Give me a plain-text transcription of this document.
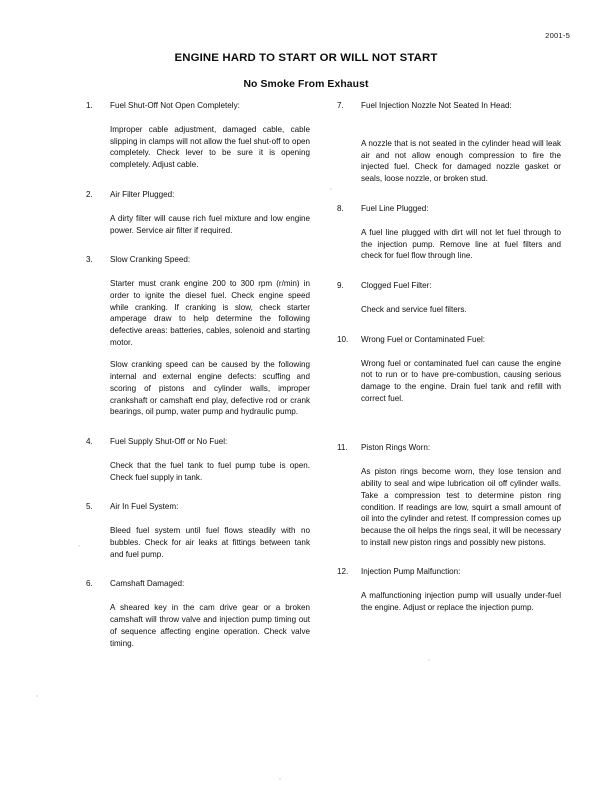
2001-5
ENGINE HARD TO START OR WILL NOT START
No Smoke From Exhaust
1.	Fuel Shut-Off Not Open Completely:
Improper cable adjustment, damaged cable, cable slipping in clamps will not allow the fuel shut-off to open completely. Check lever to be sure it is opening completely. Adjust cable.
2.	Air Filter Plugged:
A dirty filter will cause rich fuel mixture and low engine power. Service air filter if required.
3.	Slow Cranking Speed:
Starter must crank engine 200 to 300 rpm (r/min) in order to ignite the diesel fuel. Check engine speed while cranking. If cranking is slow, check starter amperage draw to help determine the following defective areas: batteries, cables, solenoid and starting motor.
Slow cranking speed can be caused by the following internal and external engine defects: scuffing and scoring of pistons and cylinder walls, improper crankshaft or camshaft end play, defective rod or crank bearings, oil pump, water pump and hydraulic pump.
4.	Fuel Supply Shut-Off or No Fuel:
Check that the fuel tank to fuel pump tube is open. Check fuel supply in tank.
5.	Air In Fuel System:
Bleed fuel system until fuel flows steadily with no bubbles. Check for air leaks at fittings between tank and fuel pump.
6.	Camshaft Damaged:
A sheared key in the cam drive gear or a broken camshaft will throw valve and injection pump timing out of sequence affecting engine operation. Check valve timing.
7.	Fuel Injection Nozzle Not Seated In Head:
A nozzle that is not seated in the cylinder head will leak air and not allow enough compression to fire the injected fuel. Check for damaged nozzle gasket or seals, loose nozzle, or broken stud.
8.	Fuel Line Plugged:
A fuel line plugged with dirt will not let fuel through to the injection pump. Remove line at fuel filters and check for fuel flow through line.
9.	Clogged Fuel Filter:
Check and service fuel filters.
10.	Wrong Fuel or Contaminated Fuel:
Wrong fuel or contaminated fuel can cause the engine not to run or to have pre-combustion, causing serious damage to the engine. Drain fuel tank and refill with correct fuel.
11.	Piston Rings Worn:
As piston rings become worn, they lose tension and ability to seal and wipe lubrication oil off cylinder walls. Take a compression test to determine piston ring condition. If readings are low, squirt a small amount of oil into the cylinder and retest. If compression comes up because the oil helps the rings seal, it will be necessary to install new piston rings and possibly new pistons.
12.	Injection Pump Malfunction:
A malfunctioning injection pump will usually under-fuel the engine. Adjust or replace the injection pump.
